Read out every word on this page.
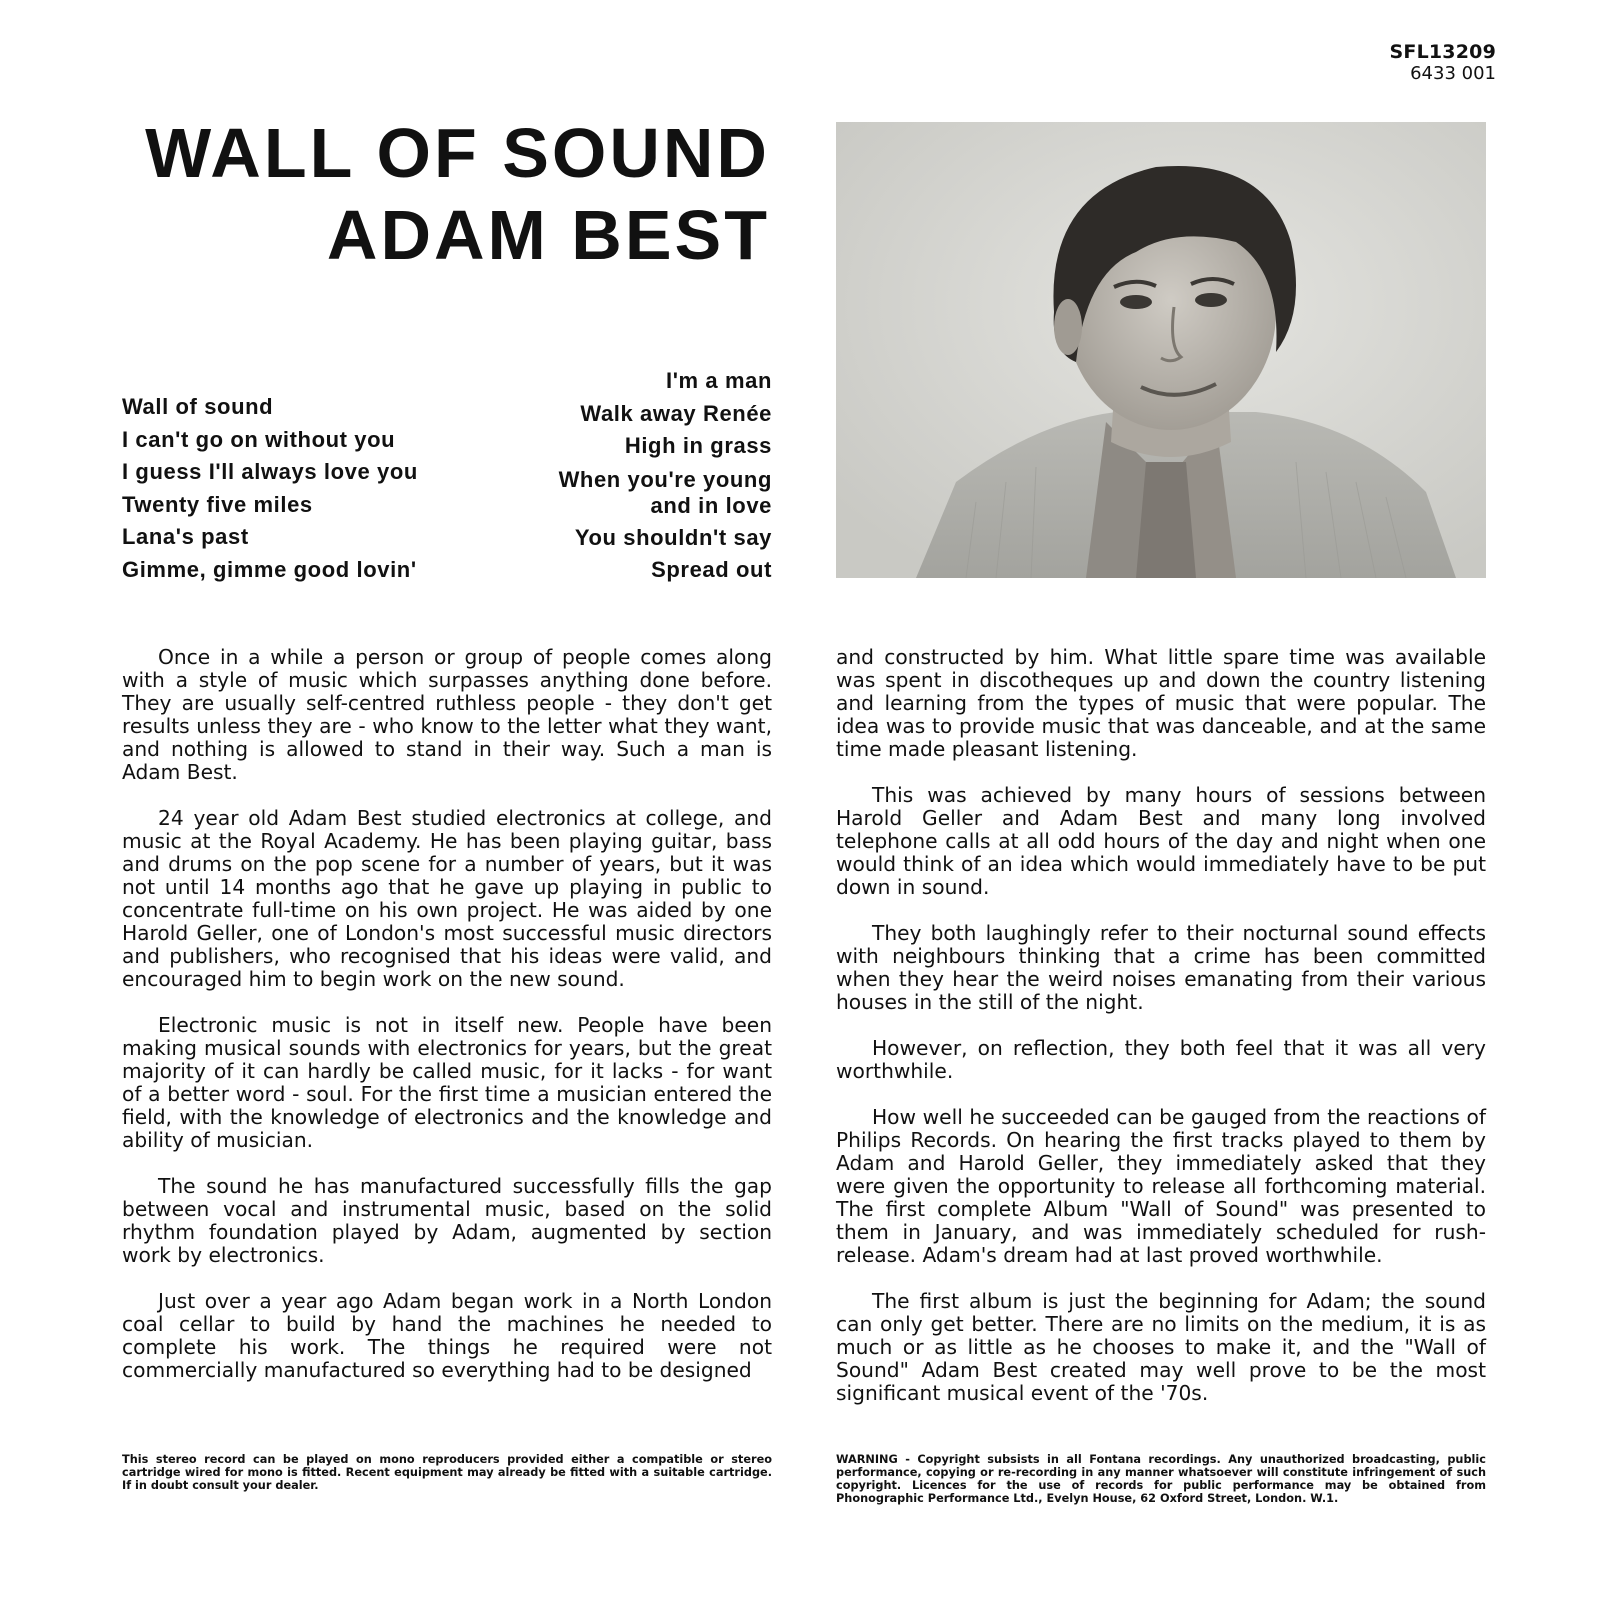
SFL13209
6433 001
WALL OF SOUND
ADAM BEST
Wall of sound
I can't go on without you
I guess I'll always love you
Twenty five miles
Lana's past
Gimme, gimme good lovin'
I'm a man
Walk away Renée
High in grass
When you're young
and in love
You shouldn't say
Spread out

Once in a while a person or group of people comes along with a style of music which surpasses anything done before. They are usually self-centred ruthless people - they don't get results unless they are - who know to the letter what they want, and nothing is allowed to stand in their way. Such a man is Adam Best.

24 year old Adam Best studied electronics at college, and music at the Royal Academy. He has been playing guitar, bass and drums on the pop scene for a number of years, but it was not until 14 months ago that he gave up playing in public to concentrate full-time on his own project. He was aided by one Harold Geller, one of London's most successful music directors and publishers, who recognised that his ideas were valid, and encouraged him to begin work on the new sound.

Electronic music is not in itself new. People have been making musical sounds with electronics for years, but the great majority of it can hardly be called music, for it lacks - for want of a better word - soul. For the first time a musician entered the field, with the knowledge of electronics and the knowledge and ability of musician.

The sound he has manufactured successfully fills the gap between vocal and instrumental music, based on the solid rhythm foundation played by Adam, augmented by section work by electronics.

Just over a year ago Adam began work in a North London coal cellar to build by hand the machines he needed to complete his work. The things he required were not commercially manufactured so everything had to be designed

and constructed by him. What little spare time was available was spent in discotheques up and down the country listening and learning from the types of music that were popular. The idea was to provide music that was danceable, and at the same time made pleasant listening.

This was achieved by many hours of sessions between Harold Geller and Adam Best and many long involved telephone calls at all odd hours of the day and night when one would think of an idea which would immediately have to be put down in sound.

They both laughingly refer to their nocturnal sound effects with neighbours thinking that a crime has been committed when they hear the weird noises emanating from their various houses in the still of the night.

However, on reflection, they both feel that it was all very worthwhile.

How well he succeeded can be gauged from the reactions of Philips Records. On hearing the first tracks played to them by Adam and Harold Geller, they immediately asked that they were given the opportunity to release all forthcoming material. The first complete Album "Wall of Sound" was presented to them in January, and was immediately scheduled for rush-release. Adam's dream had at last proved worthwhile.

The first album is just the beginning for Adam; the sound can only get better. There are no limits on the medium, it is as much or as little as he chooses to make it, and the "Wall of Sound" Adam Best created may well prove to be the most significant musical event of the '70s.

This stereo record can be played on mono reproducers provided either a compatible or stereo cartridge wired for mono is fitted. Recent equipment may already be fitted with a suitable cartridge. If in doubt consult your dealer.
WARNING - Copyright subsists in all Fontana recordings. Any unauthorized broadcasting, public performance, copying or re-recording in any manner whatsoever will constitute infringement of such copyright. Licences for the use of records for public performance may be obtained from Phonographic Performance Ltd., Evelyn House, 62 Oxford Street, London. W.1.
